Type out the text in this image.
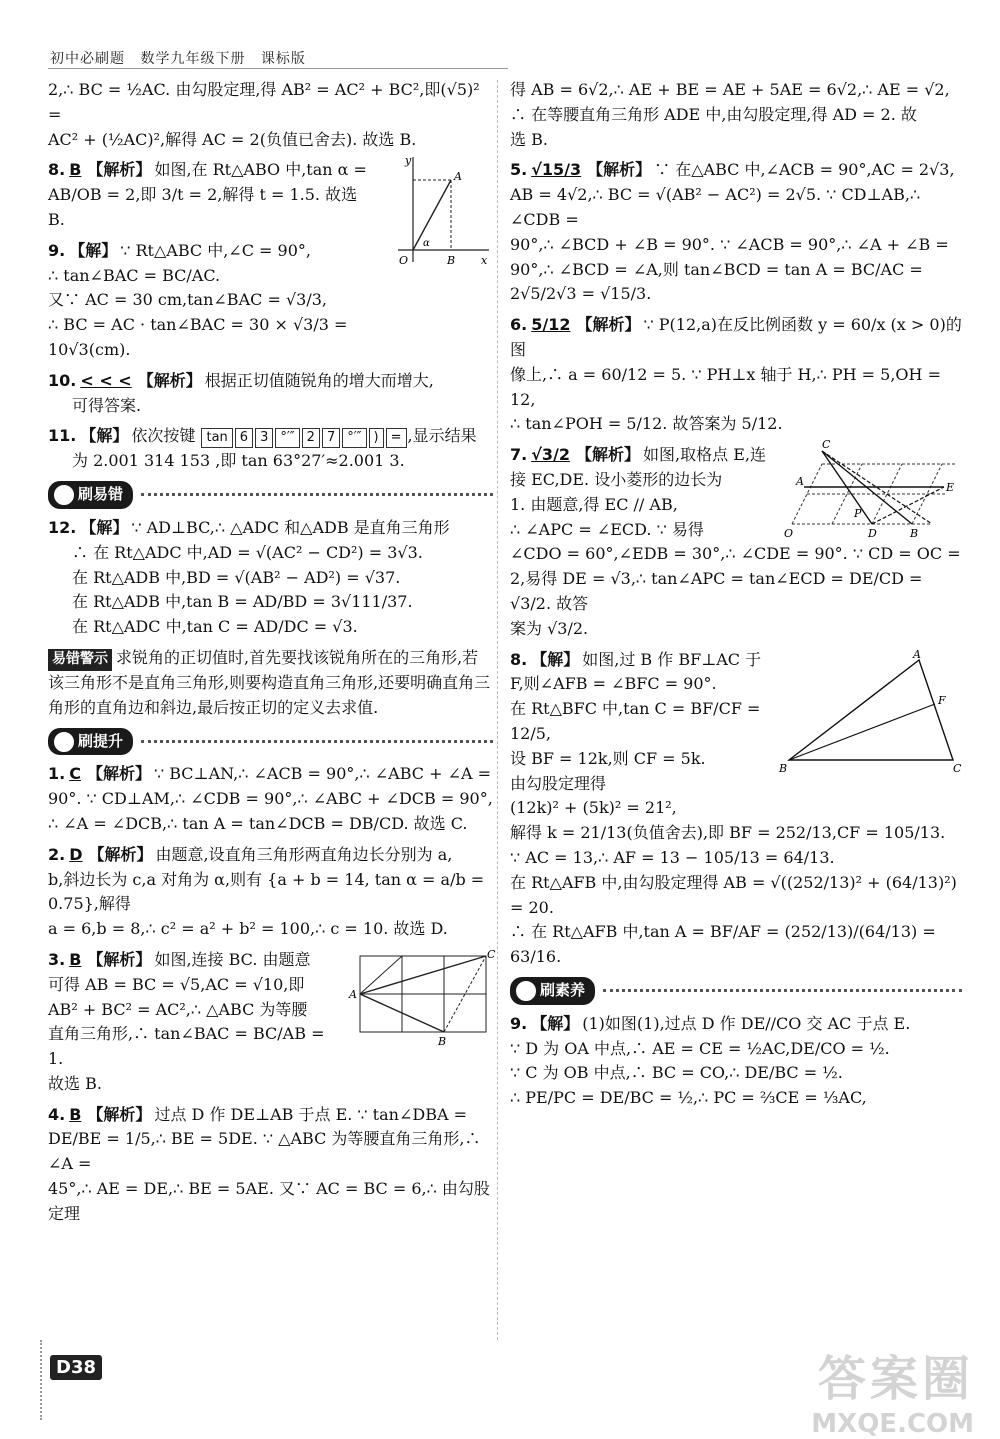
初中必刷题 数学九年级下册 课标版
2,∴ BC = ½AC. 由勾股定理,得 AB² = AC² + BC²,即(√5)² =
AC² + (½AC)²,解得 AC = 2(负值已舍去). 故选 B.
8. B 【解析】 如图,在 Rt△ABO 中,tan α =
AB/OB = 2,即 3/t = 2,解得 t = 1.5. 故选 B.
y
A
α
O	B x
9. 【解】 ∵ Rt△ABC 中,∠C = 90°,
∴ tan∠BAC = BC/AC.
又∵ AC = 30 cm,tan∠BAC = √3/3,
∴ BC = AC · tan∠BAC = 30 × √3/3 = 10√3(cm).
10. < < < 【解析】 根据正切值随锐角的增大而增大,
可得答案.
11. 【解】 依次按键 tan 6 3 °′″ 2 7 °′″ ) = ,显示结果
为 2.001 314 153 ,即 tan 63°27′≈2.001 3.
刷易错
12. 【解】 ∵ AD⊥BC,∴ △ADC 和△ADB 是直角三角形
∴ 在 Rt△ADC 中,AD = √(AC² − CD²) = 3√3.
在 Rt△ADB 中,BD = √(AB² − AD²) = √37.
在 Rt△ADB 中,tan B = AD/BD = 3√111/37.
在 Rt△ADC 中,tan C = AD/DC = √3.
易错警示 求锐角的正切值时,首先要找该锐角所在的三角形,若该三角形不是直角三角形,则要构造直角三角形,还要明确直角三角形的直角边和斜边,最后按正切的定义去求值.
刷提升
1. C 【解析】 ∵ BC⊥AN,∴ ∠ACB = 90°,∴ ∠ABC + ∠A =
90°. ∵ CD⊥AM,∴ ∠CDB = 90°,∴ ∠ABC + ∠DCB = 90°,
∴ ∠A = ∠DCB,∴ tan A = tan∠DCB = DB/CD. 故选 C.
2. D 【解析】 由题意,设直角三角形两直角边长分别为 a,
b,斜边长为 c,a 对角为 α,则有 {a + b = 14, tan α = a/b = 0.75},解得
a = 6,b = 8,∴ c² = a² + b² = 100,∴ c = 10. 故选 D.
3. B 【解析】 如图,连接 BC. 由题意
可得 AB = BC = √5,AC = √10,即
AB² + BC² = AC²,∴ △ABC 为等腰
直角三角形,∴ tan∠BAC = BC/AB = 1.
故选 B.
A
B
C
4. B 【解析】 过点 D 作 DE⊥AB 于点 E. ∵ tan∠DBA =
DE/BE = 1/5,∴ BE = 5DE. ∵ △ABC 为等腰直角三角形,∴ ∠A =
45°,∴ AE = DE,∴ BE = 5AE. 又∵ AC = BC = 6,∴ 由勾股定理
得 AB = 6√2,∴ AE + BE = AE + 5AE = 6√2,∴ AE = √2,
∴ 在等腰直角三角形 ADE 中,由勾股定理,得 AD = 2. 故
选 B.
5. √15/3 【解析】 ∵ 在△ABC 中,∠ACB = 90°,AC = 2√3,
AB = 4√2,∴ BC = √(AB² − AC²) = 2√5. ∵ CD⊥AB,∴ ∠CDB =
90°,∴ ∠BCD + ∠B = 90°. ∵ ∠ACB = 90°,∴ ∠A + ∠B =
90°,∴ ∠BCD = ∠A,则 tan∠BCD = tan A = BC/AC =
2√5/2√3 = √15/3.
6. 5/12 【解析】 ∵ P(12,a)在反比例函数 y = 60/x (x > 0)的图
像上,∴ a = 60/12 = 5. ∵ PH⊥x 轴于 H,∴ PH = 5,OH = 12,
∴ tan∠POH = 5/12. 故答案为 5/12.
7. √3/2 【解析】 如图,取格点 E,连
接 EC,DE. 设小菱形的边长为
1. 由题意,得 EC // AB,
∴ ∠APC = ∠ECD. ∵ 易得
C
A	E
P
O	D	B
∠CDO = 60°,∠EDB = 30°,∴ ∠CDE = 90°. ∵ CD = OC =
2,易得 DE = √3,∴ tan∠APC = tan∠ECD = DE/CD = √3/2. 故答
案为 √3/2.
8. 【解】 如图,过 B 作 BF⊥AC 于
F,则∠AFB = ∠BFC = 90°.
在 Rt△BFC 中,tan C = BF/CF = 12/5,
设 BF = 12k,则 CF = 5k.
由勾股定理得
(12k)² + (5k)² = 21²,
A
F
B	C
解得 k = 21/13(负值舍去),即 BF = 252/13,CF = 105/13.
∵ AC = 13,∴ AF = 13 − 105/13 = 64/13.
在 Rt△AFB 中,由勾股定理得 AB = √((252/13)² + (64/13)²) = 20.
∴ 在 Rt△AFB 中,tan A = BF/AF = (252/13)/(64/13) = 63/16.
刷素养
9. 【解】 (1)如图(1),过点 D 作 DE//CO 交 AC 于点 E.
∵ D 为 OA 中点,∴ AE = CE = ½AC,DE/CO = ½.
∵ C 为 OB 中点,∴ BC = CO,∴ DE/BC = ½.
∴ PE/PC = DE/BC = ½,∴ PC = ⅔CE = ⅓AC,
D38	答案圈
MXQE.COM
